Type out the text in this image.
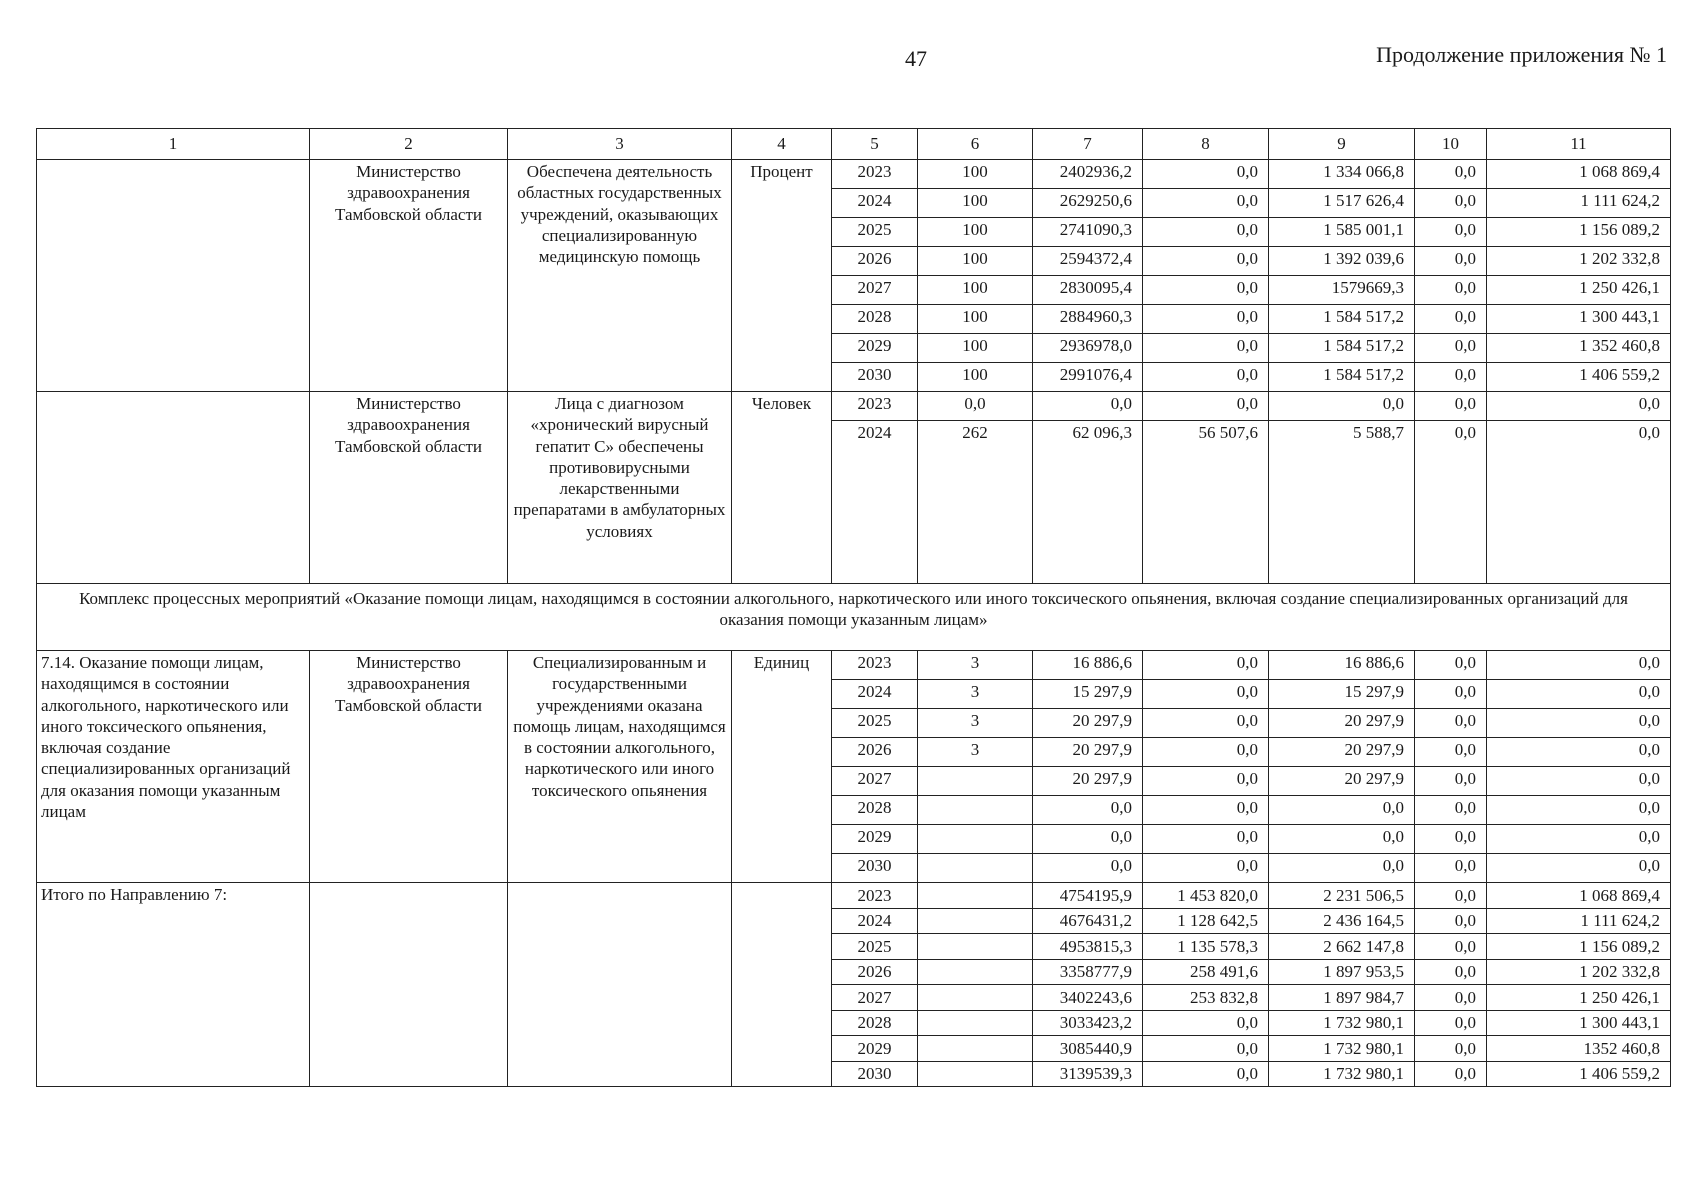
47	Продолжение приложения № 1
1	2	3	4	5	6	7	8	9	10	11
	Министерство здравоохранения Тамбовской области	Обеспечена деятельность областных государственных учреждений, оказывающих специализированную медицинскую помощь	Процент	2023	100	2402936,2	0,0	1 334 066,8	0,0	1 068 869,4
				2024	100	2629250,6	0,0	1 517 626,4	0,0	1 111 624,2
				2025	100	2741090,3	0,0	1 585 001,1	0,0	1 156 089,2
				2026	100	2594372,4	0,0	1 392 039,6	0,0	1 202 332,8
				2027	100	2830095,4	0,0	1579669,3	0,0	1 250 426,1
				2028	100	2884960,3	0,0	1 584 517,2	0,0	1 300 443,1
				2029	100	2936978,0	0,0	1 584 517,2	0,0	1 352 460,8
				2030	100	2991076,4	0,0	1 584 517,2	0,0	1 406 559,2
	Министерство здравоохранения Тамбовской области	Лица с диагнозом «хронический вирусный гепатит С» обеспечены противовирусными лекарственными препаратами в амбулаторных условиях	Человек	2023	0,0	0,0	0,0	0,0	0,0	0,0
				2024	262	62 096,3	56 507,6	5 588,7	0,0	0,0
Комплекс процессных мероприятий «Оказание помощи лицам, находящимся в состоянии алкогольного, наркотического или иного токсического опьянения, включая создание специализированных организаций для оказания помощи указанным лицам»										
7.14. Оказание помощи лицам, находящимся в состоянии алкогольного, наркотического или иного токсического опьянения, включая создание специализированных организаций для оказания помощи указанным лицам	Министерство здравоохранения Тамбовской области	Специализированным и государственными учреждениями оказана помощь лицам, находящимся в состоянии алкогольного, наркотического или иного токсического опьянения	Единиц	2023	3	16 886,6	0,0	16 886,6	0,0	0,0
				2024	3	15 297,9	0,0	15 297,9	0,0	0,0
				2025	3	20 297,9	0,0	20 297,9	0,0	0,0
				2026	3	20 297,9	0,0	20 297,9	0,0	0,0
				2027		20 297,9	0,0	20 297,9	0,0	0,0
				2028		0,0	0,0	0,0	0,0	0,0
				2029		0,0	0,0	0,0	0,0	0,0
				2030		0,0	0,0	0,0	0,0	0,0
Итого по Направлению 7:				2023		4754195,9	1 453 820,0	2 231 506,5	0,0	1 068 869,4
				2024		4676431,2	1 128 642,5	2 436 164,5	0,0	1 111 624,2
				2025		4953815,3	1 135 578,3	2 662 147,8	0,0	1 156 089,2
				2026		3358777,9	258 491,6	1 897 953,5	0,0	1 202 332,8
				2027		3402243,6	253 832,8	1 897 984,7	0,0	1 250 426,1
				2028		3033423,2	0,0	1 732 980,1	0,0	1 300 443,1
				2029		3085440,9	0,0	1 732 980,1	0,0	1352 460,8
				2030		3139539,3	0,0	1 732 980,1	0,0	1 406 559,2
